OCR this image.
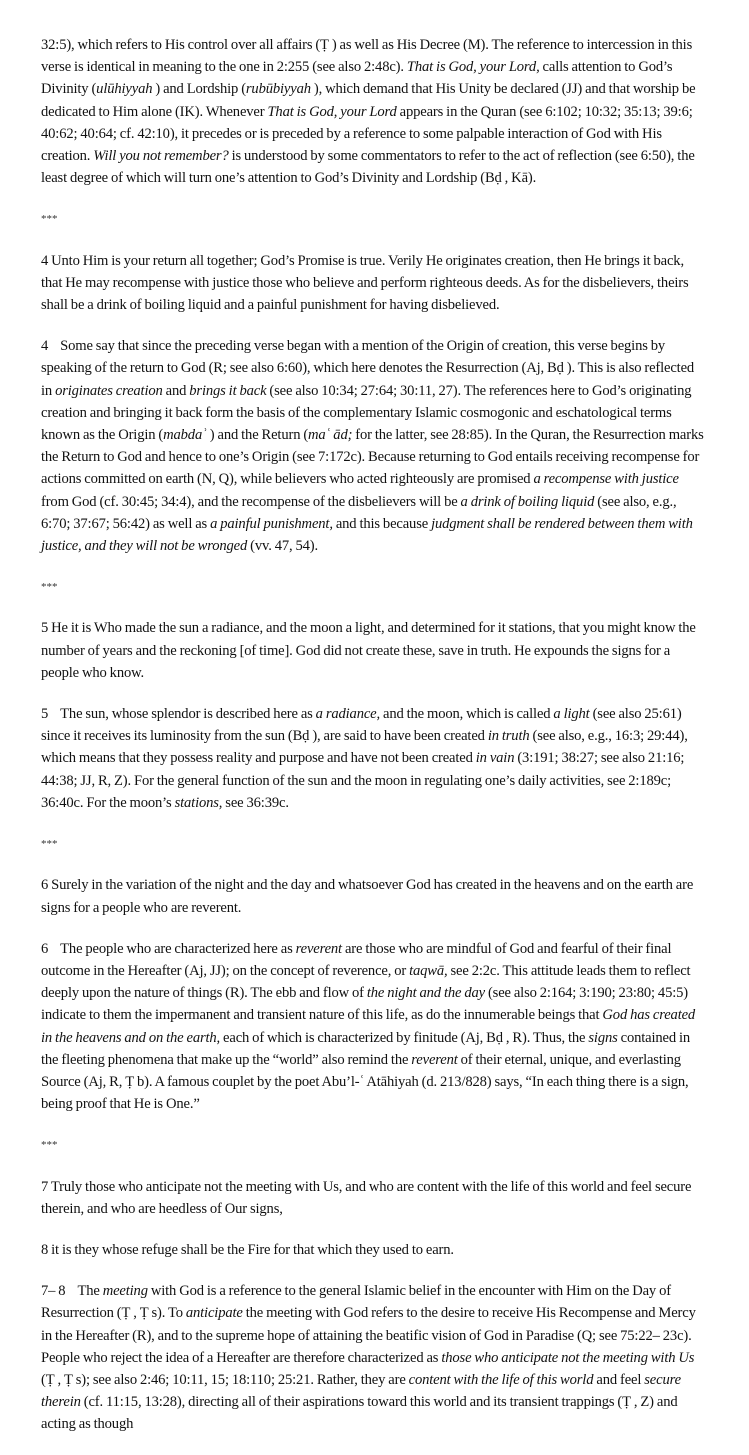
32:5), which refers to His control over all affairs (Ṭ ) as well as His Decree (M). The reference to intercession in this verse is identical in meaning to the one in 2:255 (see also 2:48c). That is God, your Lord, calls attention to God’s Divinity (ulūhiyyah ) and Lordship (rubūbiyyah ), which demand that His Unity be declared (JJ) and that worship be dedicated to Him alone (IK). Whenever That is God, your Lord appears in the Quran (see 6:102; 10:32; 35:13; 39:6; 40:62; 40:64; cf. 42:10), it precedes or is preceded by a reference to some palpable interaction of God with His creation. Will you not remember? is understood by some commentators to refer to the act of reflection (see 6:50), the least degree of which will turn one’s attention to God’s Divinity and Lordship (Bḍ , Kā).

***

4 Unto Him is your return all together; God’s Promise is true. Verily He originates creation, then He brings it back, that He may recompense with justice those who believe and perform righteous deeds. As for the disbelievers, theirs shall be a drink of boiling liquid and a painful punishment for having disbelieved.

4 Some say that since the preceding verse began with a mention of the Origin of creation, this verse begins by speaking of the return to God (R; see also 6:60), which here denotes the Resurrection (Aj, Bḍ ). This is also reflected in originates creation and brings it back (see also 10:34; 27:64; 30:11, 27). The references here to God’s originating creation and bringing it back form the basis of the complementary Islamic cosmogonic and eschatological terms known as the Origin (mabdaʾ ) and the Return (maʿ ād; for the latter, see 28:85). In the Quran, the Resurrection marks the Return to God and hence to one’s Origin (see 7:172c). Because returning to God entails receiving recompense for actions committed on earth (N, Q), while believers who acted righteously are promised a recompense with justice from God (cf. 30:45; 34:4), and the recompense of the disbelievers will be a drink of boiling liquid (see also, e.g., 6:70; 37:67; 56:42) as well as a painful punishment, and this because judgment shall be rendered between them with justice, and they will not be wronged (vv. 47, 54).

***

5 He it is Who made the sun a radiance, and the moon a light, and determined for it stations, that you might know the number of years and the reckoning [of time]. God did not create these, save in truth. He expounds the signs for a people who know.

5 The sun, whose splendor is described here as a radiance, and the moon, which is called a light (see also 25:61) since it receives its luminosity from the sun (Bḍ ), are said to have been created in truth (see also, e.g., 16:3; 29:44), which means that they possess reality and purpose and have not been created in vain (3:191; 38:27; see also 21:16; 44:38; JJ, R, Z). For the general function of the sun and the moon in regulating one’s daily activities, see 2:189c; 36:40c. For the moon’s stations, see 36:39c.

***

6 Surely in the variation of the night and the day and whatsoever God has created in the heavens and on the earth are signs for a people who are reverent.

6 The people who are characterized here as reverent are those who are mindful of God and fearful of their final outcome in the Hereafter (Aj, JJ); on the concept of reverence, or taqwā, see 2:2c. This attitude leads them to reflect deeply upon the nature of things (R). The ebb and flow of the night and the day (see also 2:164; 3:190; 23:80; 45:5) indicate to them the impermanent and transient nature of this life, as do the innumerable beings that God has created in the heavens and on the earth, each of which is characterized by finitude (Aj, Bḍ , R). Thus, the signs contained in the fleeting phenomena that make up the “world” also remind the reverent of their eternal, unique, and everlasting Source (Aj, R, Ṭ b). A famous couplet by the poet Abu’l-ʿ Atāhiyah (d. 213/828) says, “In each thing there is a sign, being proof that He is One.”

***

7 Truly those who anticipate not the meeting with Us, and who are content with the life of this world and feel secure therein, and who are heedless of Our signs,

8 it is they whose refuge shall be the Fire for that which they used to earn.

7– 8 The meeting with God is a reference to the general Islamic belief in the encounter with Him on the Day of Resurrection (Ṭ , Ṭ s). To anticipate the meeting with God refers to the desire to receive His Recompense and Mercy in the Hereafter (R), and to the supreme hope of attaining the beatific vision of God in Paradise (Q; see 75:22– 23c). People who reject the idea of a Hereafter are therefore characterized as those who anticipate not the meeting with Us (Ṭ , Ṭ s); see also 2:46; 10:11, 15; 18:110; 25:21. Rather, they are content with the life of this world and feel secure therein (cf. 11:15, 13:28), directing all of their aspirations toward this world and its transient trappings (Ṭ , Z) and acting as though
